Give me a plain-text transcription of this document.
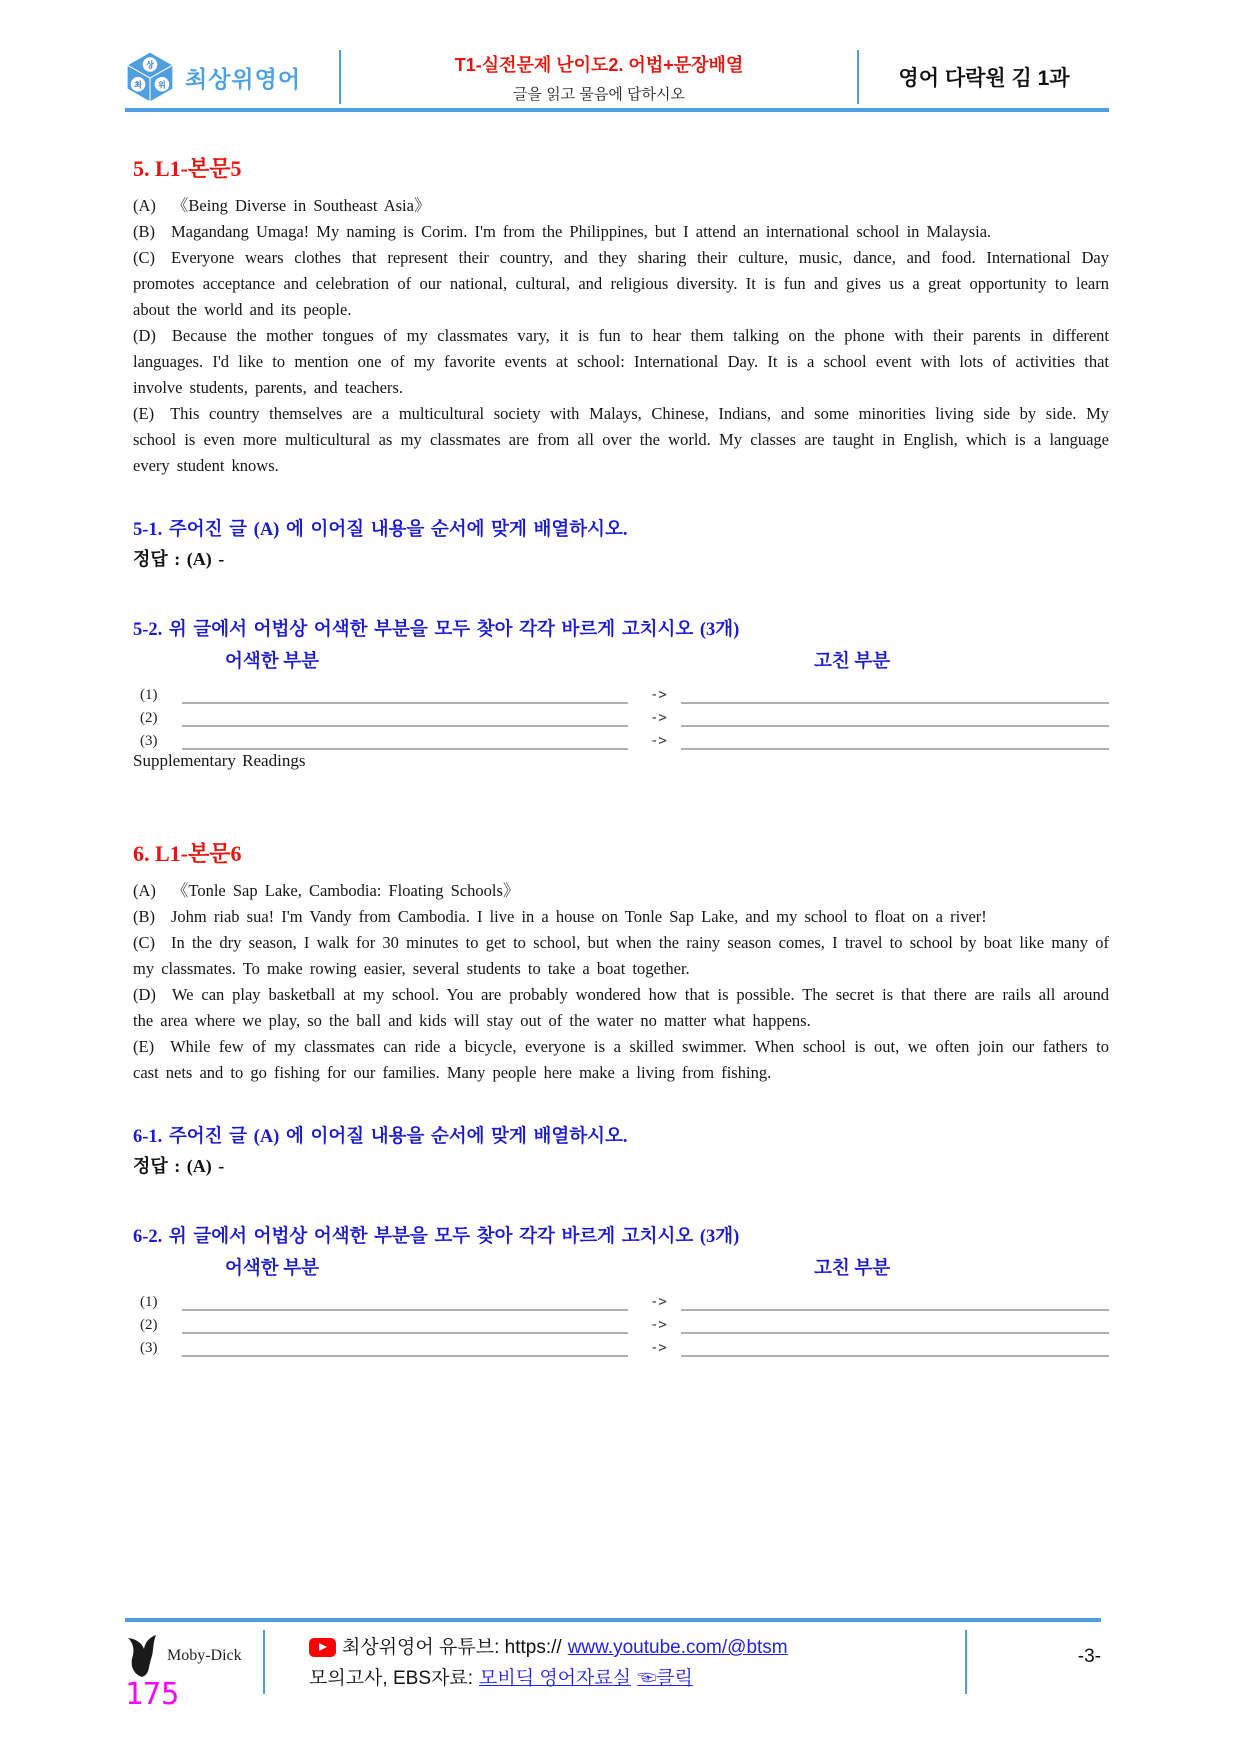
상
최 위 최상위영어
T1-실전문제 난이도2. 어법+문장배열
글을 읽고 물음에 답하시오
영어 다락원 김 1과
5. L1-본문5

(A) 《Being Diverse in Southeast Asia》

(B) Magandang Umaga! My naming is Corim. I'm from the Philippines, but I attend an international school in Malaysia.

(C) Everyone wears clothes that represent their country, and they sharing their culture, music, dance, and food. International Day promotes acceptance and celebration of our national, cultural, and religious diversity. It is fun and gives us a great opportunity to learn about the world and its people.

(D) Because the mother tongues of my classmates vary, it is fun to hear them talking on the phone with their parents in different languages. I'd like to mention one of my favorite events at school: International Day. It is a school event with lots of activities that involve students, parents, and teachers.

(E) This country themselves are a multicultural society with Malays, Chinese, Indians, and some minorities living side by side. My school is even more multicultural as my classmates are from all over the world. My classes are taught in English, which is a language every student knows.

5-1. 주어진 글 (A) 에 이어질 내용을 순서에 맞게 배열하시오.
정답 : (A) -
5-2. 위 글에서 어법상 어색한 부분을 모두 찾아 각각 바르게 고치시오 (3개)
어색한 부분	고친 부분
(1)	->
(2)	->
(3)	->
Supplementary Readings
6. L1-본문6

(A) 《Tonle Sap Lake, Cambodia: Floating Schools》

(B) Johm riab sua! I'm Vandy from Cambodia. I live in a house on Tonle Sap Lake, and my school to float on a river!

(C) In the dry season, I walk for 30 minutes to get to school, but when the rainy season comes, I travel to school by boat like many of my classmates. To make rowing easier, several students to take a boat together.

(D) We can play basketball at my school. You are probably wondered how that is possible. The secret is that there are rails all around the area where we play, so the ball and kids will stay out of the water no matter what happens.

(E) While few of my classmates can ride a bicycle, everyone is a skilled swimmer. When school is out, we often join our fathers to cast nets and to go fishing for our families. Many people here make a living from fishing.

6-1. 주어진 글 (A) 에 이어질 내용을 순서에 맞게 배열하시오.
정답 : (A) -
6-2. 위 글에서 어법상 어색한 부분을 모두 찾아 각각 바르게 고치시오 (3개)
어색한 부분	고친 부분
(1)	->
(2)	->
(3)	->
Moby-Dick
175
최상위영어 유튜브: https:// www.youtube.com/@btsm
모의고사, EBS자료: 모비딕 영어자료실 ☜클릭
-3-
